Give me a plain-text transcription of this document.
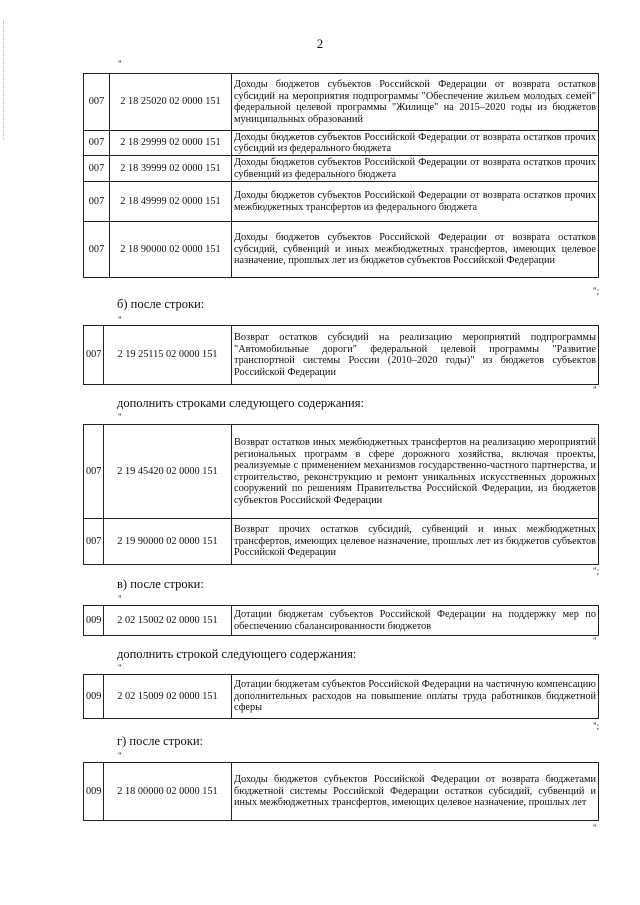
2
"
007	2 18 25020 02 0000 151	Доходы бюджетов субъектов Российской Федерации от возврата остатков субсидий на мероприятия подпрограммы "Обеспечение жильем молодых семей" федеральной целевой программы "Жилище" на 2015–2020 годы из бюджетов муниципальных образований
007	2 18 29999 02 0000 151	Доходы бюджетов субъектов Российской Федерации от возврата остатков прочих субсидий из федерального бюджета
007	2 18 39999 02 0000 151	Доходы бюджетов субъектов Российской Федерации от возврата остатков прочих субвенций из федерального бюджета
007	2 18 49999 02 0000 151	Доходы бюджетов субъектов Российской Федерации от возврата остатков прочих межбюджетных трансфертов из федерального бюджета
007	2 18 90000 02 0000 151	Доходы бюджетов субъектов Российской Федерации от возврата остатков субсидий, субвенций и иных межбюджетных трансфертов, имеющих целевое назначение, прошлых лет из бюджетов субъектов Российской Федерации
";
б) после строки:
"
007	2 19 25115 02 0000 151	Возврат остатков субсидий на реализацию мероприятий подпрограммы "Автомобильные дороги" федеральной целевой программы "Развитие транспортной системы России (2010–2020 годы)" из бюджетов субъектов Российской Федерации
"
дополнить строками следующего содержания:
"
007	2 19 45420 02 0000 151	Возврат остатков иных межбюджетных трансфертов на реализацию мероприятий региональных программ в сфере дорожного хозяйства, включая проекты, реализуемые с применением механизмов государственно-частного партнерства, и строительство, реконструкцию и ремонт уникальных искусственных дорожных сооружений по решениям Правительства Российской Федерации, из бюджетов субъектов Российской Федерации
007	2 19 90000 02 0000 151	Возврат прочих остатков субсидий, субвенций и иных межбюджетных трансфертов, имеющих целевое назначение, прошлых лет из бюджетов субъектов Российской Федерации
";
в) после строки:
"
009	2 02 15002 02 0000 151	Дотации бюджетам субъектов Российской Федерации на поддержку мер по обеспечению сбалансированности бюджетов
"
дополнить строкой следующего содержания:
"
009	2 02 15009 02 0000 151	Дотации бюджетам субъектов Российской Федерации на частичную компенсацию дополнительных расходов на повышение оплаты труда работников бюджетной сферы
";
г) после строки:
"
009	2 18 00000 02 0000 151	Доходы бюджетов субъектов Российской Федерации от возврата бюджетами бюджетной системы Российской Федерации остатков субсидий, субвенций и иных межбюджетных трансфертов, имеющих целевое назначение, прошлых лет
"
